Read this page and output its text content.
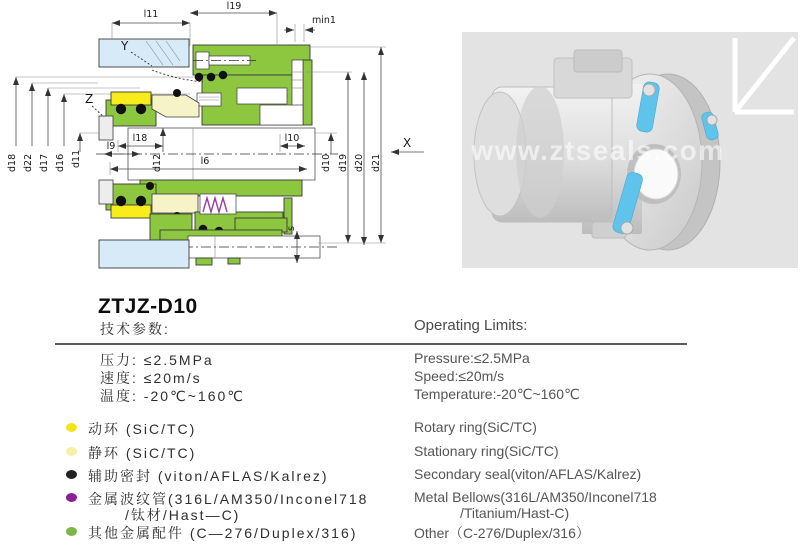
l11
l19
min1
l18	l10
l9
l6
d12
d18 d22 d17 d16 d11	d10 d19 d20 d21
X
s
Y
Z
www.ztseals.com
ZTJZ-D10
技术参数:	Operating Limits:
压力: ≤2.5MPa	Pressure:≤2.5MPa
速度: ≤20m/s	Speed:≤20m/s
温度: -20℃~160℃	Temperature:-20℃~160℃
动环 (SiC/TC)	Rotary ring(SiC/TC)
静环 (SiC/TC)	Stationary ring(SiC/TC)
辅助密封 (viton/AFLAS/Kalrez)	Secondary seal(viton/AFLAS/Kalrez)
金属波纹管(316L/AM350/Inconel718	Metal Bellows(316L/AM350/Inconel718
/钛材/Hast—C)	/Titanium/Hast-C)
其他金属配件 (C—276/Duplex/316)	Other（C-276/Duplex/316）
